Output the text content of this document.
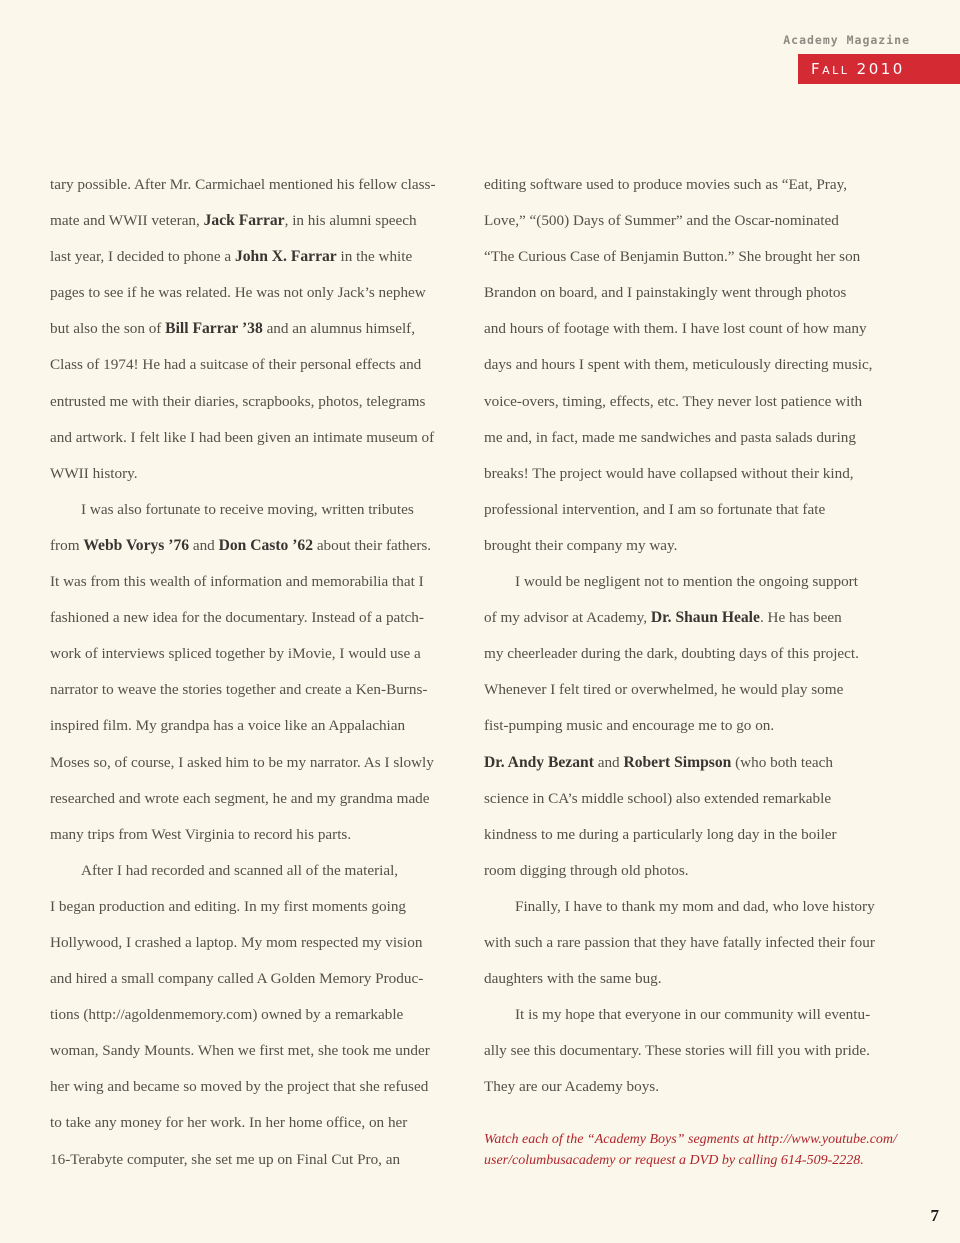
Academy Magazine
Fall 2010
tary possible. After Mr. Carmichael mentioned his fellow class-
mate and WWII veteran, Jack Farrar, in his alumni speech
last year, I decided to phone a John X. Farrar in the white
pages to see if he was related. He was not only Jack’s nephew
but also the son of Bill Farrar ’38 and an alumnus himself,
Class of 1974! He had a suitcase of their personal effects and
entrusted me with their diaries, scrapbooks, photos, telegrams
and artwork. I felt like I had been given an intimate museum of
WWII history.
I was also fortunate to receive moving, written tributes
from Webb Vorys ’76 and Don Casto ’62 about their fathers.
It was from this wealth of information and memorabilia that I
fashioned a new idea for the documentary. Instead of a patch-
work of interviews spliced together by iMovie, I would use a
narrator to weave the stories together and create a Ken-Burns-
inspired film. My grandpa has a voice like an Appalachian
Moses so, of course, I asked him to be my narrator. As I slowly
researched and wrote each segment, he and my grandma made
many trips from West Virginia to record his parts.
After I had recorded and scanned all of the material,
I began production and editing. In my first moments going
Hollywood, I crashed a laptop. My mom respected my vision
and hired a small company called A Golden Memory Produc-
tions (http://agoldenmemory.com) owned by a remarkable
woman, Sandy Mounts. When we first met, she took me under
her wing and became so moved by the project that she refused
to take any money for her work. In her home office, on her
16-Terabyte computer, she set me up on Final Cut Pro, an
editing software used to produce movies such as “Eat, Pray,
Love,” “(500) Days of Summer” and the Oscar-nominated
“The Curious Case of Benjamin Button.” She brought her son
Brandon on board, and I painstakingly went through photos
and hours of footage with them. I have lost count of how many
days and hours I spent with them, meticulously directing music,
voice-overs, timing, effects, etc. They never lost patience with
me and, in fact, made me sandwiches and pasta salads during
breaks! The project would have collapsed without their kind,
professional intervention, and I am so fortunate that fate
brought their company my way.
I would be negligent not to mention the ongoing support
of my advisor at Academy, Dr. Shaun Heale. He has been
my cheerleader during the dark, doubting days of this project.
Whenever I felt tired or overwhelmed, he would play some
fist-pumping music and encourage me to go on.
Dr. Andy Bezant and Robert Simpson (who both teach
science in CA’s middle school) also extended remarkable
kindness to me during a particularly long day in the boiler
room digging through old photos.
Finally, I have to thank my mom and dad, who love history
with such a rare passion that they have fatally infected their four
daughters with the same bug.
It is my hope that everyone in our community will eventu-
ally see this documentary. These stories will fill you with pride.
They are our Academy boys.
Watch each of the “Academy Boys” segments at http://www.youtube.com/
user/columbusacademy or request a DVD by calling 614-509-2228.
7
